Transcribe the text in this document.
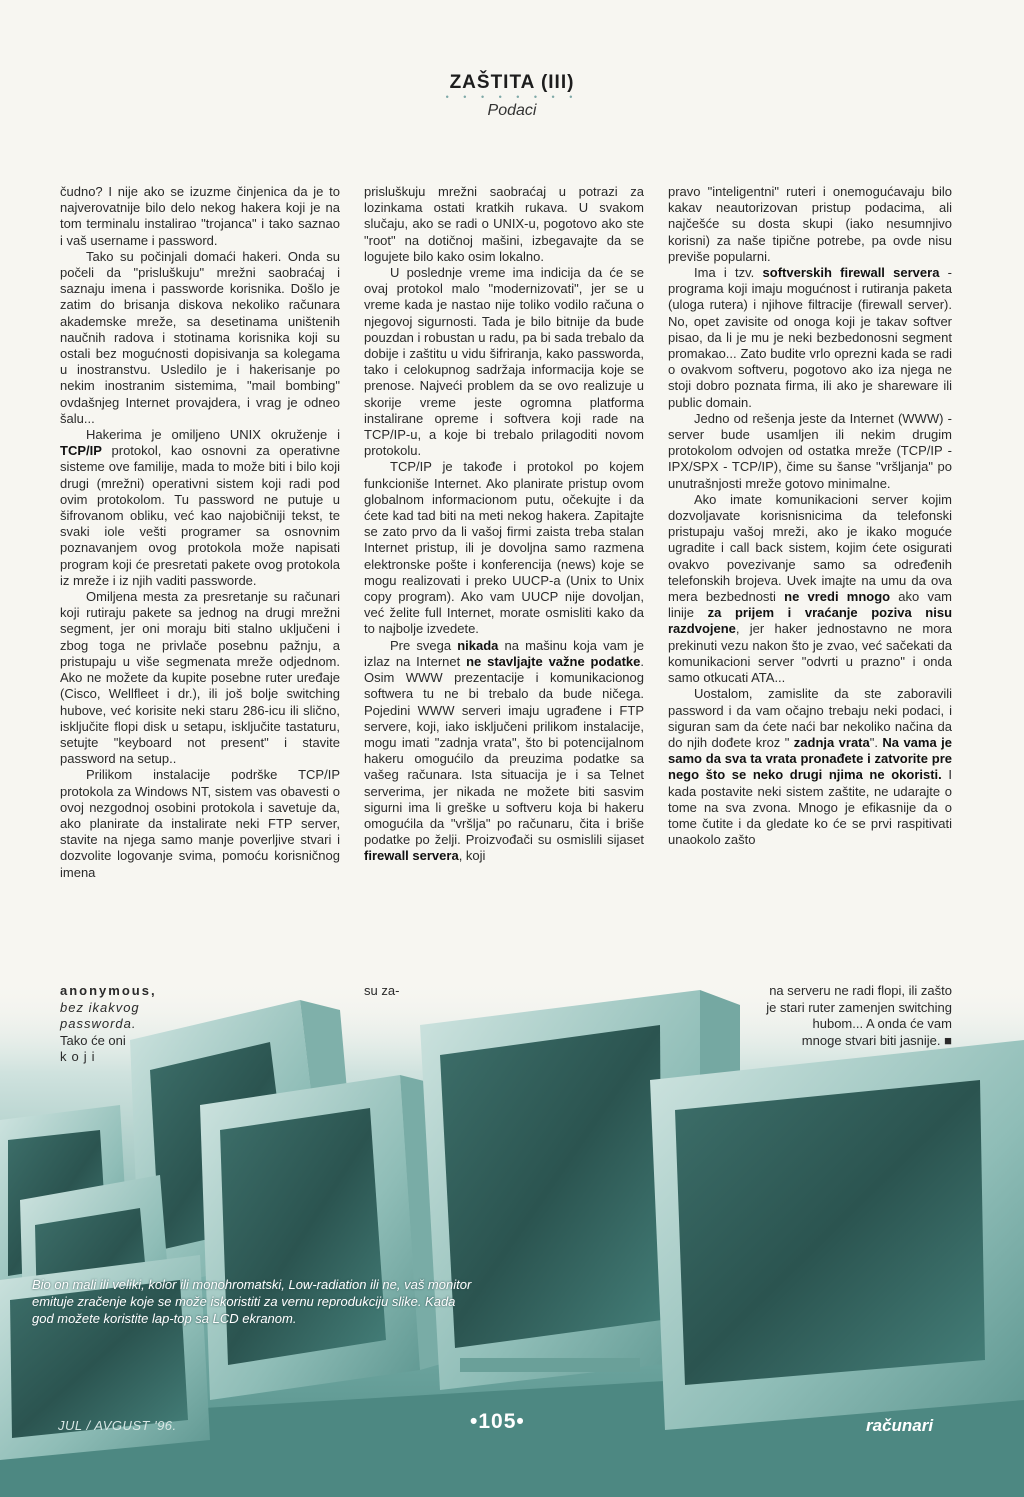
ZAŠTITA (III)
• • • • • • • •
Podaci

čudno? I nije ako se izuzme činjenica da je to najverovatnije bilo delo nekog hakera koji je na tom terminalu instalirao "trojanca" i tako saznao i vaš username i password.

Tako su počinjali domaći hakeri. Onda su počeli da "prisluškuju" mrežni saobraćaj i saznaju imena i passworde korisnika. Došlo je zatim do brisanja diskova nekoliko računara akademske mreže, sa desetinama uništenih naučnih radova i stotinama korisnika koji su ostali bez mogućnosti dopisivanja sa kolegama u inostranstvu. Usledilo je i hakerisanje po nekim inostranim sistemima, "mail bombing" ovdašnjeg Internet provajdera, i vrag je odneo šalu...

Hakerima je omiljeno UNIX okruženje i TCP/IP protokol, kao osnovni za operativne sisteme ove familije, mada to može biti i bilo koji drugi (mrežni) operativni sistem koji radi pod ovim protokolom. Tu password ne putuje u šifrovanom obliku, već kao najobičniji tekst, te svaki iole vešti programer sa osnovnim poznavanjem ovog protokola može napisati program koji će presretati pakete ovog protokola iz mreže i iz njih vaditi passworde.

Omiljena mesta za presretanje su računari koji rutiraju pakete sa jednog na drugi mrežni segment, jer oni moraju biti stalno uključeni i zbog toga ne privlače posebnu pažnju, a pristupaju u više segmenata mreže odjednom. Ako ne možete da kupite posebne ruter uređaje (Cisco, Wellfleet i dr.), ili još bolje switching hubove, već korisite neki staru 286-icu ili slično, isključite flopi disk u setapu, isključite tastaturu, setujte "keyboard not present" i stavite password na setup..

Prilikom instalacije podrške TCP/IP protokola za Windows NT, sistem vas obavesti o ovoj nezgodnoj osobini protokola i savetuje da, ako planirate da instalirate neki FTP server, stavite na njega samo manje poverljive stvari i dozvolite logovanje svima, pomoću korisničnog imena

prisluškuju mrežni saobraćaj u potrazi za lozinkama ostati kratkih rukava. U svakom slučaju, ako se radi o UNIX-u, pogotovo ako ste "root" na dotičnoj mašini, izbegavajte da se logujete bilo kako osim lokalno.

U poslednje vreme ima indicija da će se ovaj protokol malo "modernizovati", jer se u vreme kada je nastao nije toliko vodilo računa o njegovoj sigurnosti. Tada je bilo bitnije da bude pouzdan i robustan u radu, pa bi sada trebalo da dobije i zaštitu u vidu šifriranja, kako passworda, tako i celokupnog sadržaja informacija koje se prenose. Najveći problem da se ovo realizuje u skorije vreme jeste ogromna platforma instalirane opreme i softvera koji rade na TCP/IP-u, a koje bi trebalo prilagoditi novom protokolu.

TCP/IP je takođe i protokol po kojem funkcioniše Internet. Ako planirate pristup ovom globalnom informacionom putu, očekujte i da ćete kad tad biti na meti nekog hakera. Zapitajte se zato prvo da li vašoj firmi zaista treba stalan Internet pristup, ili je dovoljna samo razmena elektronske pošte i konferencija (news) koje se mogu realizovati i preko UUCP-a (Unix to Unix copy program). Ako vam UUCP nije dovoljan, već želite full Internet, morate osmisliti kako da to najbolje izvedete.

Pre svega nikada na mašinu koja vam je izlaz na Internet ne stavljajte važne podatke. Osim WWW prezentacije i komunikacionog softwera tu ne bi trebalo da bude ničega. Pojedini WWW serveri imaju ugrađene i FTP servere, koji, iako isključeni prilikom instalacije, mogu imati "zadnja vrata", što bi potencijalnom hakeru omogućilo da preuzima podatke sa vašeg računara. Ista situacija je i sa Telnet serverima, jer nikada ne možete biti sasvim sigurni ima li greške u softveru koja bi hakeru omogućila da "vršlja" po računaru, čita i briše podatke po želji. Proizvođači su osmislili sijaset firewall servera, koji

pravo "inteligentni" ruteri i onemogućavaju bilo kakav neautorizovan pristup podacima, ali najčešće su dosta skupi (iako nesumnjivo korisni) za naše tipične potrebe, pa ovde nisu previše popularni.

Ima i tzv. softverskih firewall servera - programa koji imaju mogućnost i rutiranja paketa (uloga rutera) i njihove filtracije (firewall server). No, opet zavisite od onoga koji je takav softver pisao, da li je mu je neki bezbedonosni segment promakao... Zato budite vrlo oprezni kada se radi o ovakvom softveru, pogotovo ako iza njega ne stoji dobro poznata firma, ili ako je shareware ili public domain.

Jedno od rešenja jeste da Internet (WWW) -server bude usamljen ili nekim drugim protokolom odvojen od ostatka mreže (TCP/IP - IPX/SPX - TCP/IP), čime su šanse "vršljanja" po unutrašnjosti mreže gotovo minimalne.

Ako imate komunikacioni server kojim dozvoljavate korisnisnicima da telefonski pristupaju vašoj mreži, ako je ikako moguće ugradite i call back sistem, kojim ćete osigurati ovakvo povezivanje samo sa određenih telefonskih brojeva. Uvek imajte na umu da ova mera bezbednosti ne vredi mnogo ako vam linije za prijem i vraćanje poziva nisu razdvojene, jer haker jednostavno ne mora prekinuti vezu nakon što je zvao, već sačekati da komunikacioni server "odvrti u prazno" i onda samo otkucati ATA...

Uostalom, zamislite da ste zaboravili password i da vam očajno trebaju neki podaci, i siguran sam da ćete naći bar nekoliko načina da do njih dođete kroz " zadnja vrata". Na vama je samo da sva ta vrata pronađete i zatvorite pre nego što se neko drugi njima ne okoristi. I kada postavite neki sistem zaštite, ne udarajte o tome na sva zvona. Mnogo je efikasnije da o tome čutite i da gledate ko će se prvi raspitivati unaokolo zašto

anonymous,
bez ikakvog
passworda.
Tako će oni
koji
su za-	na serveru ne radi flopi, ili zašto
je stari ruter zamenjen switching
hubom... A onda će vam
mnoge stvari biti jasnije. ■
Bio on mali ili veliki, kolor ili monohromatski, Low-radiation ili ne, vaš monitor emituje zračenje koje se može iskoristiti za vernu reprodukciju slike. Kada god možete koristite lap-top sa LCD ekranom.
JUL / AVGUST '96.	•105•	računari
